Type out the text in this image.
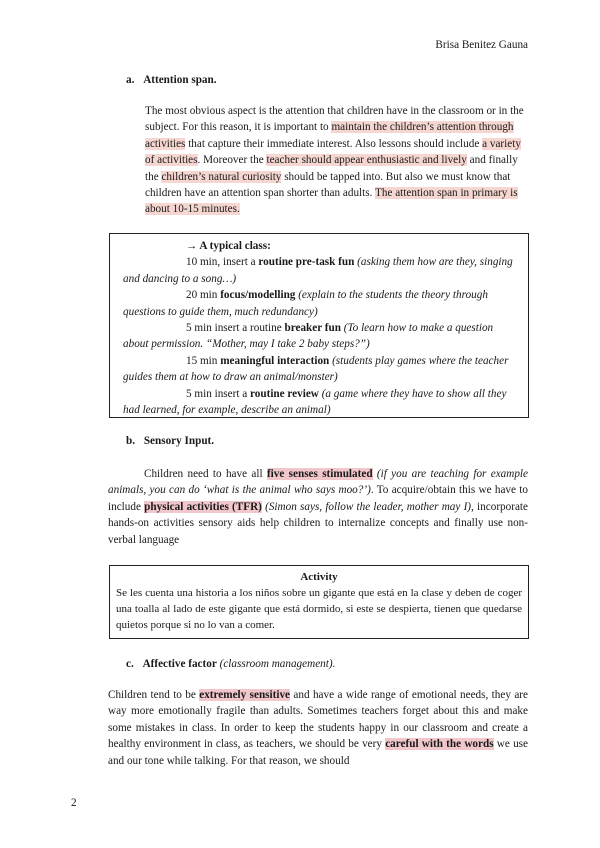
Brisa Benitez Gauna
a. Attention span.
The most obvious aspect is the attention that children have in the classroom or in the subject. For this reason, it is important to maintain the children’s attention through activities that capture their immediate interest. Also lessons should include a variety of activities. Moreover the teacher should appear enthusiastic and lively and finally the children’s natural curiosity should be tapped into. But also we must know that children have an attention span shorter than adults. The attention span in primary is about 10-15 minutes.
→ A typical class:
10 min, insert a routine pre-task fun (asking them how are they, singing and dancing to a song…)
20 min focus/modelling (explain to the students the theory through questions to guide them, much redundancy)
5 min insert a routine breaker fun (To learn how to make a question about permission. “Mother, may I take 2 baby steps?”)
15 min meaningful interaction (students play games where the teacher guides them at how to draw an animal/monster)
5 min insert a routine review (a game where they have to show all they had learned, for example, describe an animal)
b. Sensory Input.
Children need to have all five senses stimulated (if you are teaching for example animals, you can do ‘what is the animal who says moo?’). To acquire/obtain this we have to include physical activities (TFR) (Simon says, follow the leader, mother may I), incorporate hands-on activities sensory aids help children to internalize concepts and finally use non-verbal language
Activity
Se les cuenta una historia a los niños sobre un gigante que está en la clase y deben de coger una toalla al lado de este gigante que está dormido, si este se despierta, tienen que quedarse quietos porque si no lo van a comer.
c. Affective factor (classroom management).
Children tend to be extremely sensitive and have a wide range of emotional needs, they are way more emotionally fragile than adults. Sometimes teachers forget about this and make some mistakes in class. In order to keep the students happy in our classroom and create a healthy environment in class, as teachers, we should be very careful with the words we use and our tone while talking. For that reason, we should
2
